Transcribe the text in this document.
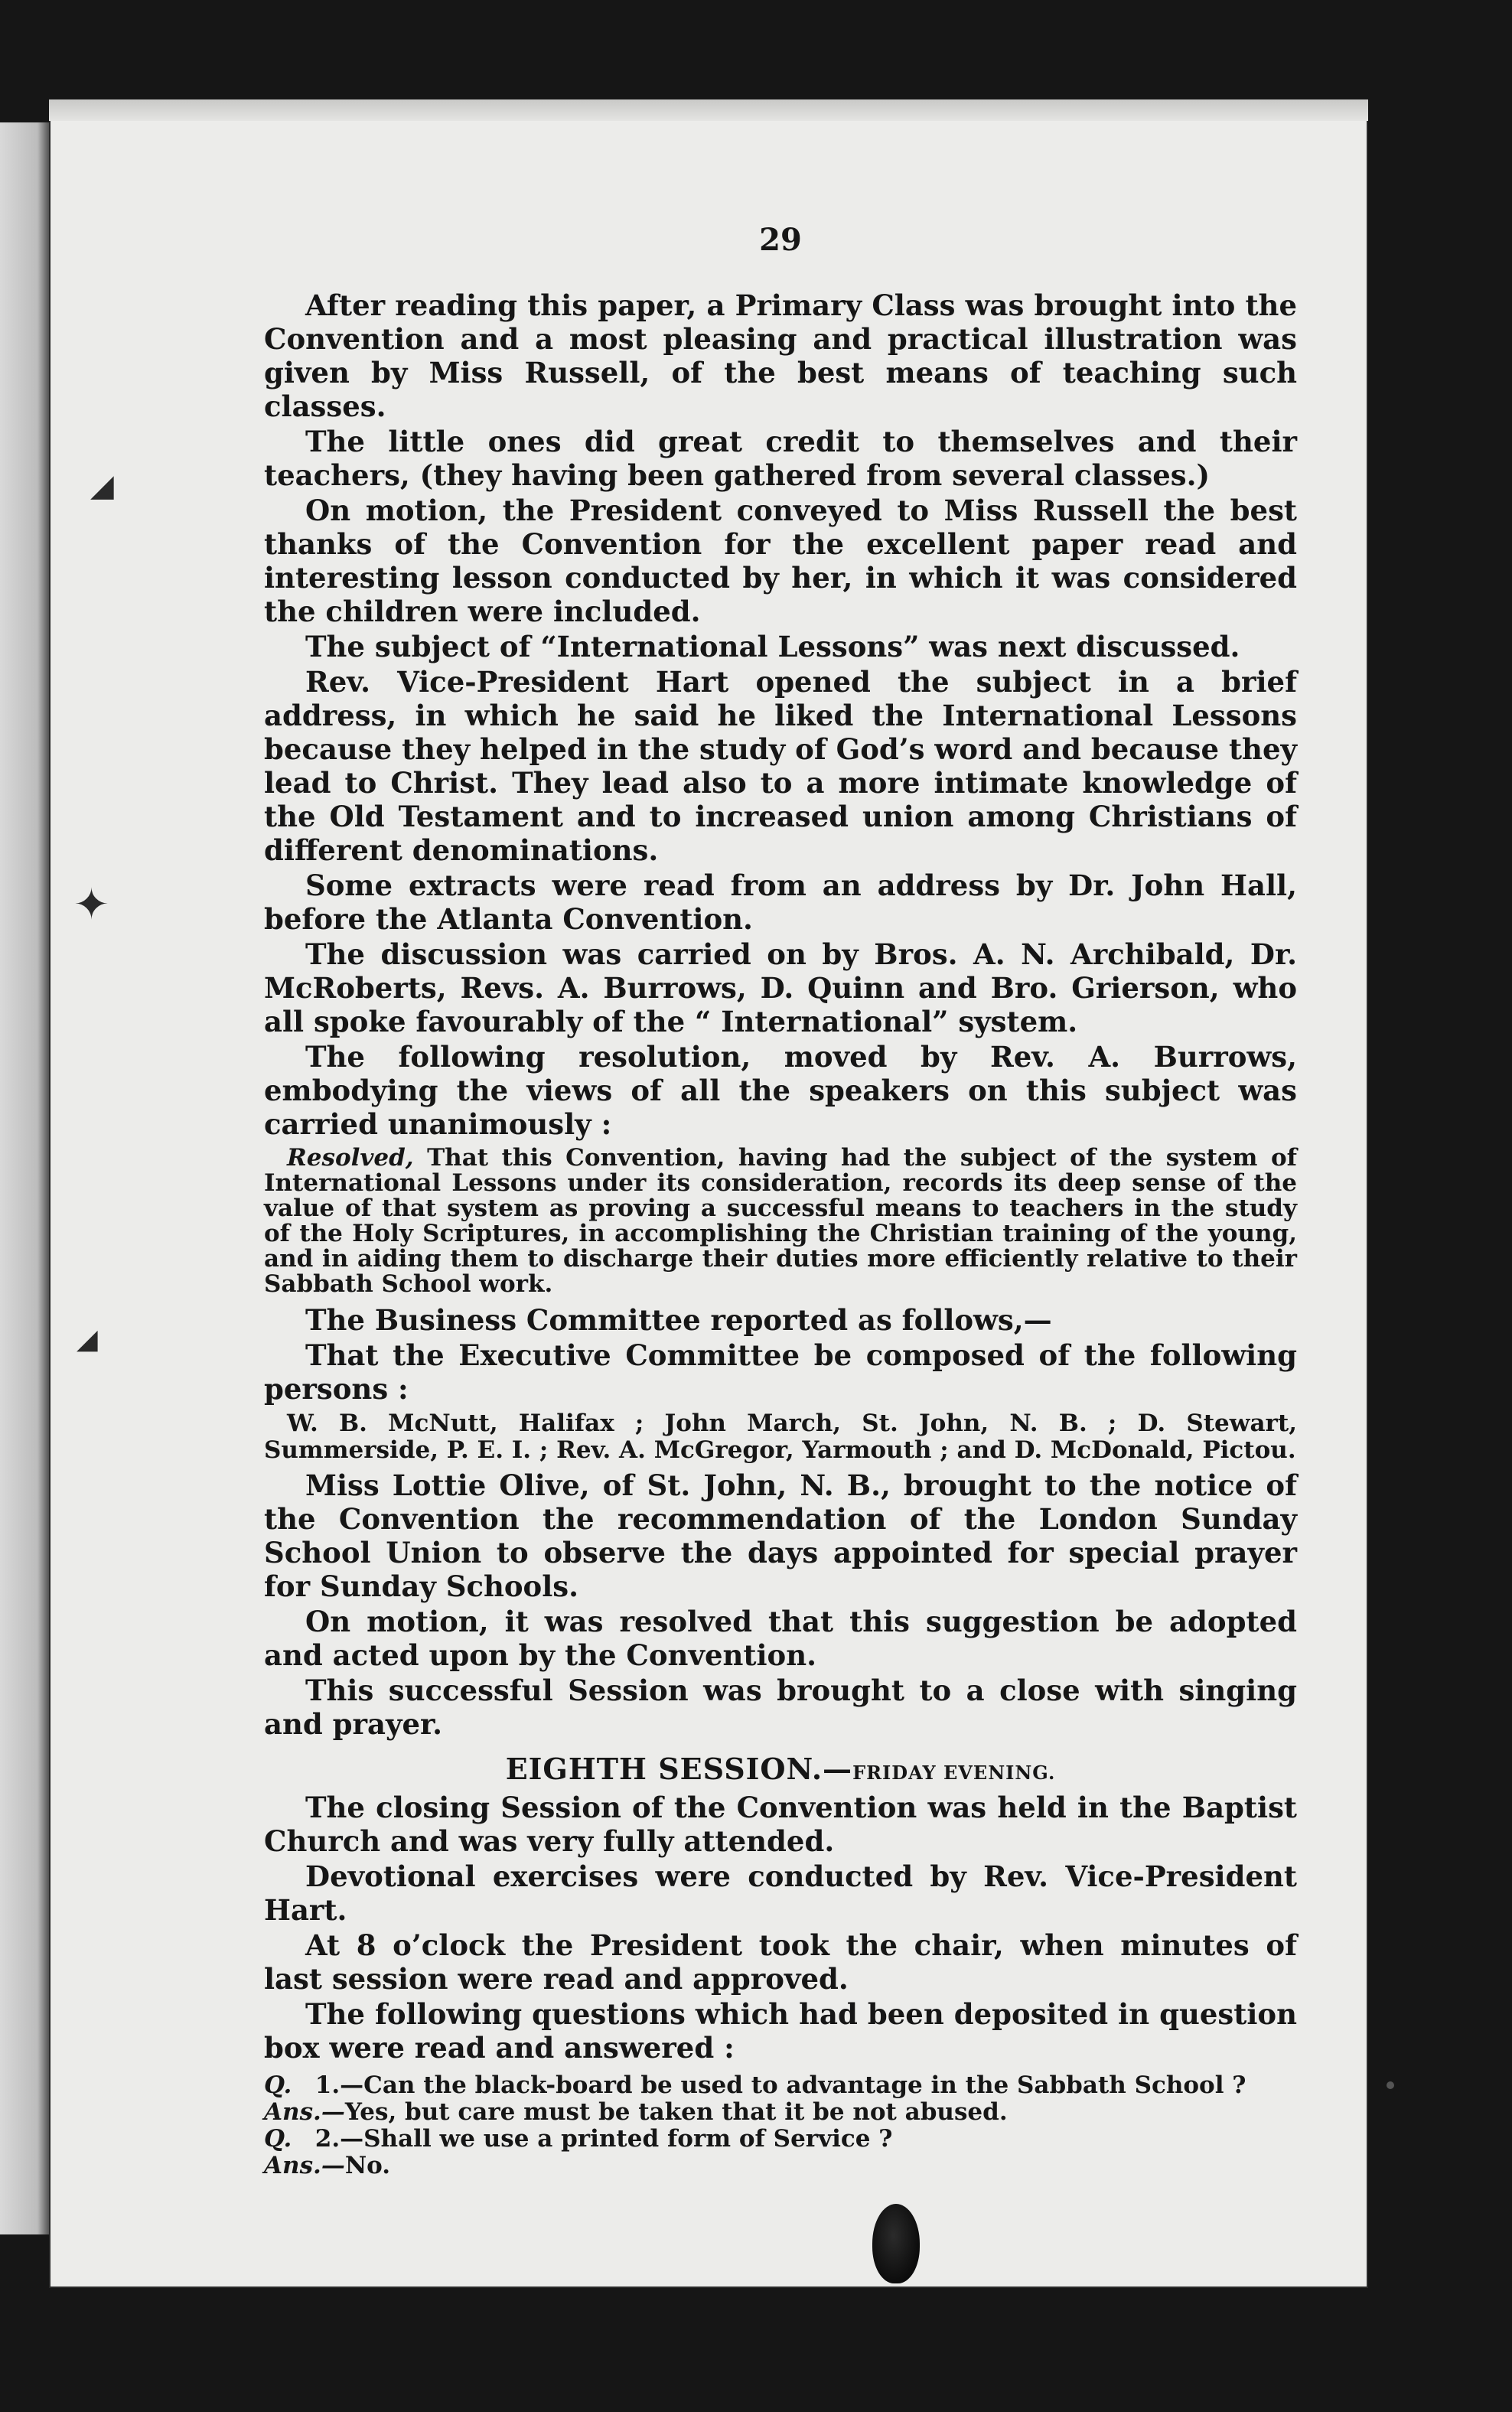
◢
✦
◢
29

After reading this paper, a Primary Class was brought into the Convention and a most pleasing and practical illustration was given by Miss Russell, of the best means of teaching such classes.

The little ones did great credit to themselves and their teachers, (they having been gathered from several classes.)

On motion, the President conveyed to Miss Russell the best thanks of the Convention for the excellent paper read and interesting lesson conducted by her, in which it was considered the children were included.

The subject of “International Lessons” was next discussed.

Rev. Vice-President Hart opened the subject in a brief address, in which he said he liked the International Lessons because they helped in the study of God’s word and because they lead to Christ. They lead also to a more intimate knowledge of the Old Testament and to increased union among Christians of different denominations.

Some extracts were read from an address by Dr. John Hall, before the Atlanta Convention.

The discussion was carried on by Bros. A. N. Archibald, Dr. McRoberts, Revs. A. Burrows, D. Quinn and Bro. Grierson, who all spoke favourably of the “ International” system.

The following resolution, moved by Rev. A. Burrows, embodying the views of all the speakers on this subject was carried unanimously :

Resolved, That this Convention, having had the subject of the system of International Lessons under its consideration, records its deep sense of the value of that system as proving a successful means to teachers in the study of the Holy Scriptures, in accomplishing the Christian training of the young, and in aiding them to discharge their duties more efficiently relative to their Sabbath School work.

The Business Committee reported as follows,—

That the Executive Committee be composed of the following persons :

W. B. McNutt, Halifax ; John March, St. John, N. B. ; D. Stewart, Summerside, P. E. I. ; Rev. A. McGregor, Yarmouth ; and D. McDonald, Pictou.

Miss Lottie Olive, of St. John, N. B., brought to the notice of the Convention the recommendation of the London Sunday School Union to observe the days appointed for special prayer for Sunday Schools.

On motion, it was resolved that this suggestion be adopted and acted upon by the Convention.

This successful Session was brought to a close with singing and prayer.

EIGHTH SESSION.—FRIDAY EVENING.

The closing Session of the Convention was held in the Baptist Church and was very fully attended.

Devotional exercises were conducted by Rev. Vice-President Hart.

At 8 o’clock the President took the chair, when minutes of last session were read and approved.

The following questions which had been deposited in question box were read and answered :

Q. 1.—Can the black-board be used to advantage in the Sabbath School ?

Ans.—Yes, but care must be taken that it be not abused.

Q. 2.—Shall we use a printed form of Service ?

Ans.—No.
